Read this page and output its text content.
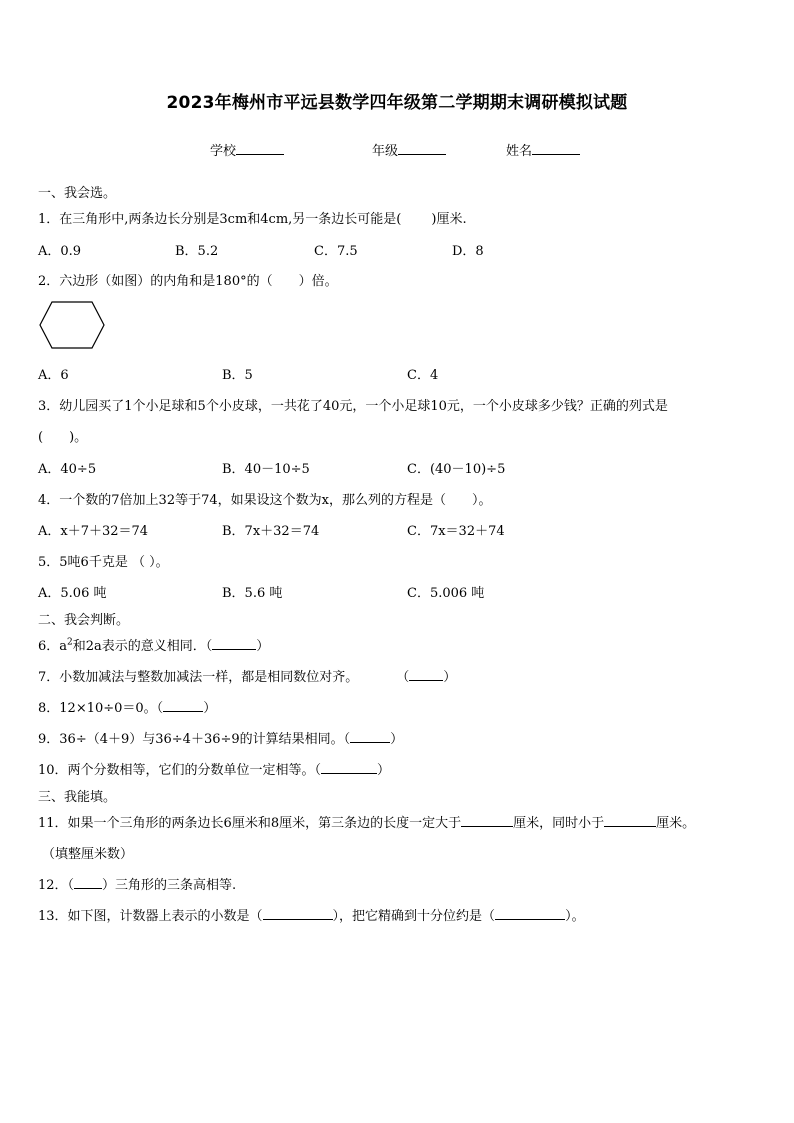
2023年梅州市平远县数学四年级第二学期期末调研模拟试题
学校	年级	姓名
一、我会选。
1．在三角形中,两条边长分别是3cm和4cm,另一条边长可能是( )厘米.
A．0.9	B．5.2	C．7.5	D．8
2．六边形（如图）的内角和是180°的（　　）倍。
A．6	B．5	C．4
3．幼儿园买了1个小足球和5个小皮球，一共花了40元，一个小足球10元，一个小皮球多少钱？正确的列式是
(　　)。
A．40÷5	B．40－10÷5	C．(40－10)÷5
4．一个数的7倍加上32等于74，如果设这个数为x，那么列的方程是（　　）。
A．x＋7＋32＝74	B．7x＋32＝74	C．7x＝32＋74
5．5吨6千克是 （ ）。
A．5.06 吨	B．5.6 吨	C．5.006 吨
二、我会判断。
6．$a^2$和2a表示的意义相同．（	）
7．小数加减法与整数加减法一样，都是相同数位对齐。	（	）
8．12×10÷0＝0。（	）
9．36÷（4＋9）与36÷4＋36÷9的计算结果相同。（	）
10．两个分数相等，它们的分数单位一定相等。（	）
三、我能填。
11．如果一个三角形的两条边长6厘米和8厘米，第三条边的长度一定大于	厘米，同时小于	厘米。
（填整厘米数）
12．（ ）三角形的三条高相等.
13．如下图，计数器上表示的小数是（	），把它精确到十分位约是（	）。
